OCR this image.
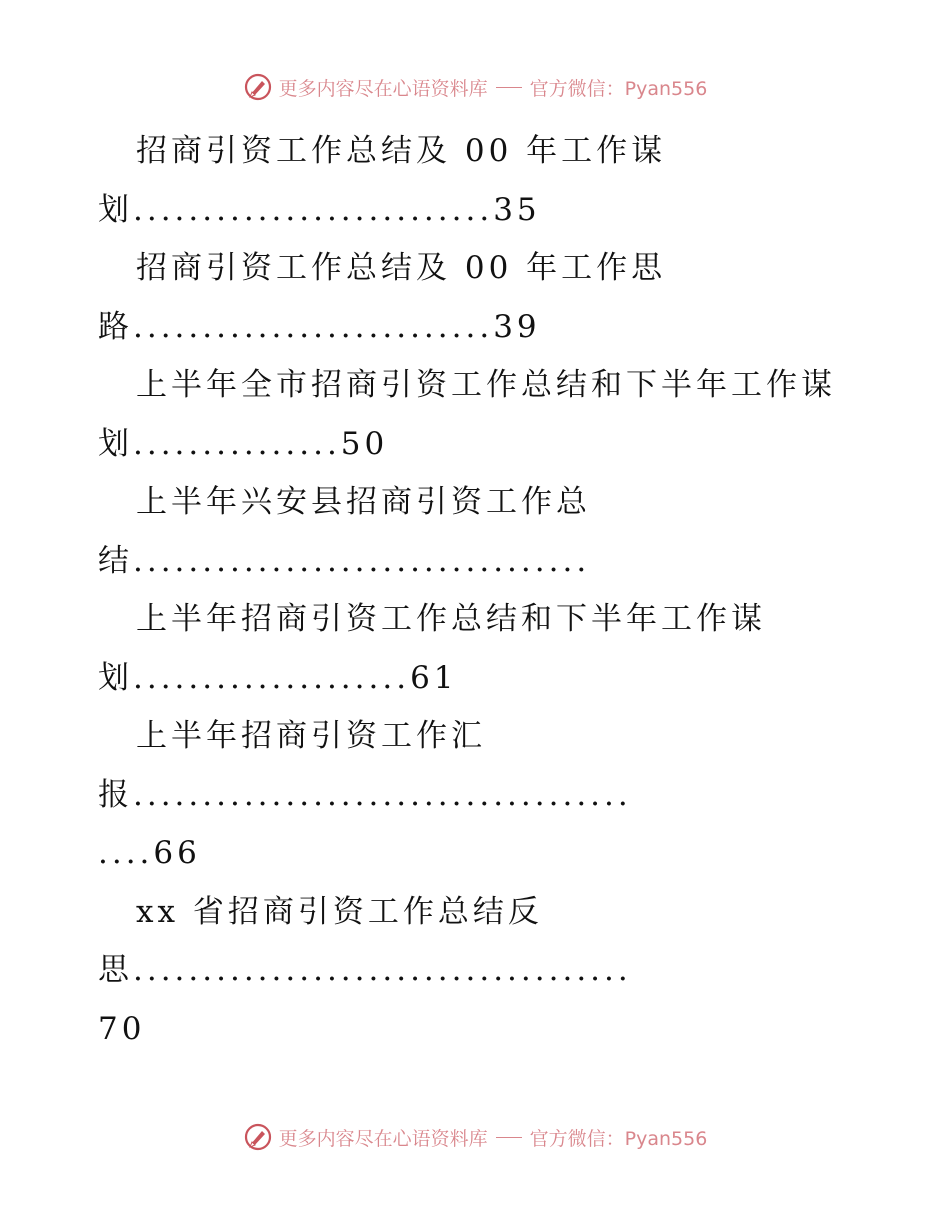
更多内容尽在心语资料库 官方微信：Pyan556
招商引资工作总结及 00 年工作谋
划..........................35
招商引资工作总结及 00 年工作思
路..........................39
上半年全市招商引资工作总结和下半年工作谋
划...............50
上半年兴安县招商引资工作总
结.................................
上半年招商引资工作总结和下半年工作谋
划....................61
上半年招商引资工作汇
报....................................
....66
xx 省招商引资工作总结反
思....................................
70
更多内容尽在心语资料库 官方微信：Pyan556
